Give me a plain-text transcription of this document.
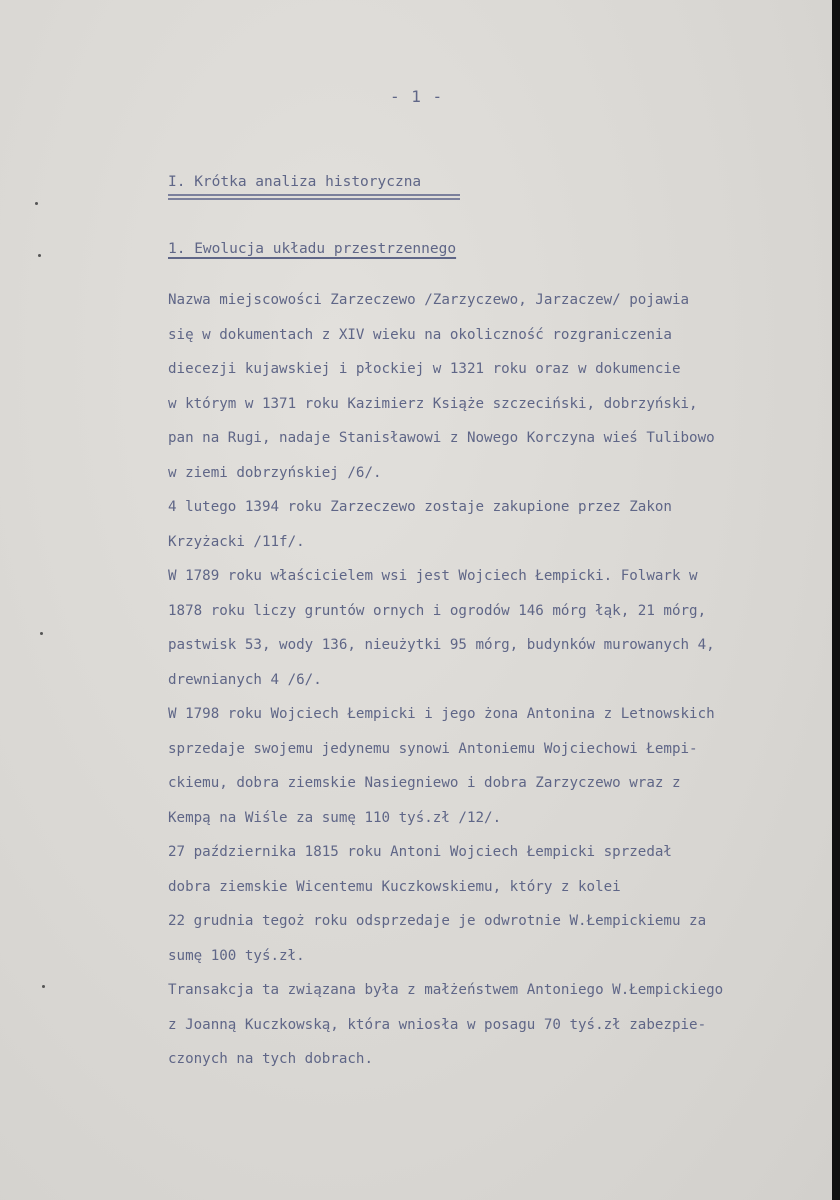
- 1 -
I. Krótka analiza historyczna
1. Ewolucja układu przestrzennego
Nazwa miejscowości Zarzeczewo /Zarzyczewo, Jarzaczew/ pojawia
się w dokumentach z XIV wieku na okoliczność rozgraniczenia
diecezji kujawskiej i płockiej w 1321 roku oraz w dokumencie
w którym w 1371 roku Kazimierz Książe szczeciński, dobrzyński,
pan na Rugi, nadaje Stanisławowi z Nowego Korczyna wieś Tulibowo
w ziemi dobrzyńskiej /6/.
4 lutego 1394 roku Zarzeczewo zostaje zakupione przez Zakon
Krzyżacki /11f/.
W 1789 roku właścicielem wsi jest Wojciech Łempicki. Folwark w
1878 roku liczy gruntów ornych i ogrodów 146 mórg łąk, 21 mórg,
pastwisk 53, wody 136, nieużytki 95 mórg, budynków murowanych 4,
drewnianych 4 /6/.
W 1798 roku Wojciech Łempicki i jego żona Antonina z Letnowskich
sprzedaje swojemu jedynemu synowi Antoniemu Wojciechowi Łempi-
ckiemu, dobra ziemskie Nasiegniewo i dobra Zarzyczewo wraz z
Kempą na Wiśle za sumę 110 tyś.zł /12/.
27 października 1815 roku Antoni Wojciech Łempicki sprzedał
dobra ziemskie Wicentemu Kuczkowskiemu, który z kolei
22 grudnia tegoż roku odsprzedaje je odwrotnie W.Łempickiemu za
sumę 100 tyś.zł.
Transakcja ta związana była z małżeństwem Antoniego W.Łempickiego
z Joanną Kuczkowską, która wniosła w posagu 70 tyś.zł zabezpie-
czonych na tych dobrach.
